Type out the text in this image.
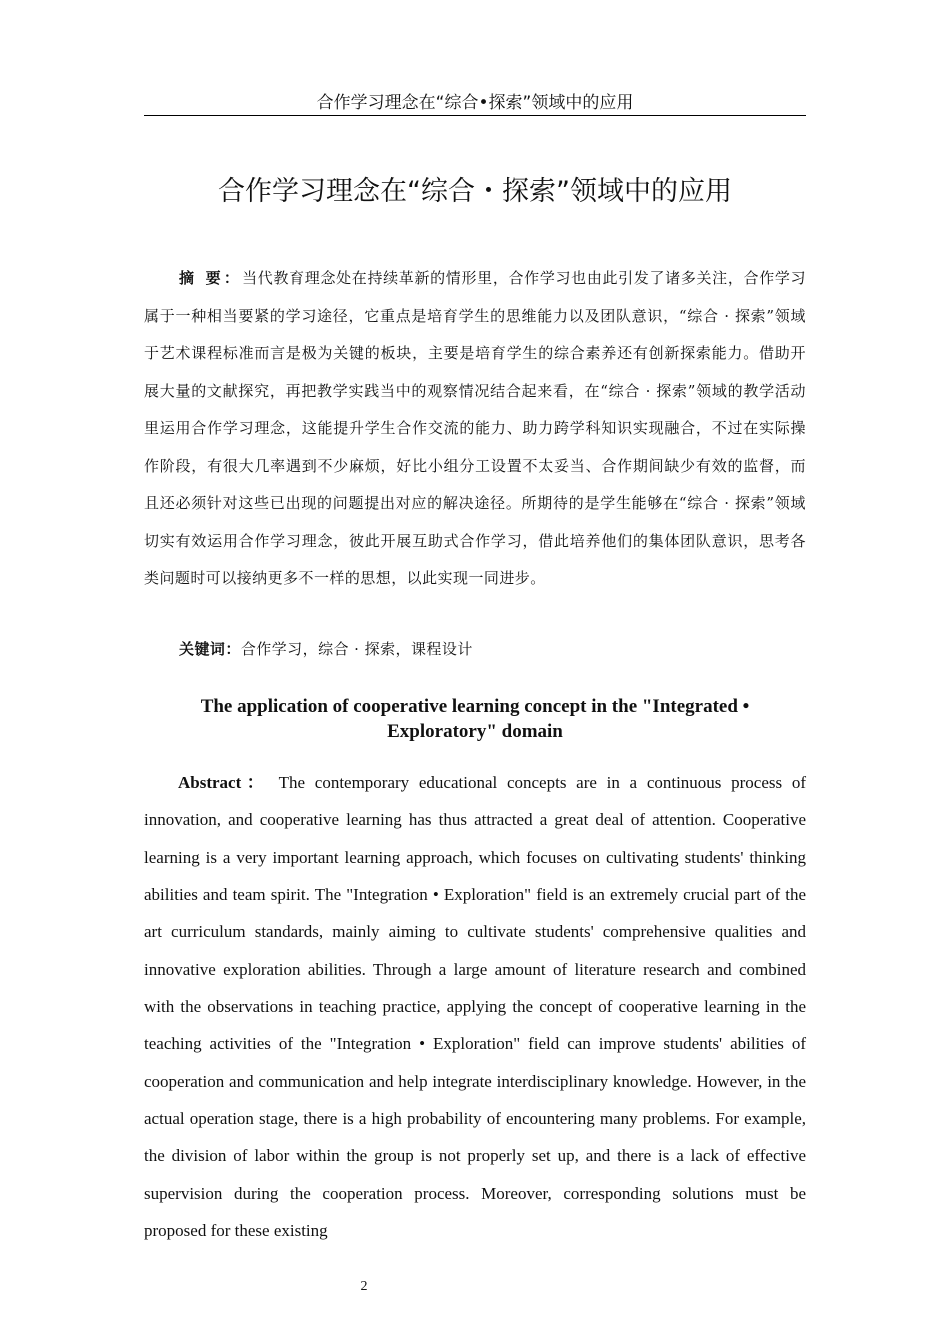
合作学习理念在“综合•探索”领域中的应用
合作学习理念在“综合・探索”领域中的应用

摘 要：当代教育理念处在持续革新的情形里，合作学习也由此引发了诸多关注，合作学习属于一种相当要紧的学习途径，它重点是培育学生的思维能力以及团队意识，“综合 · 探索”领域于艺术课程标准而言是极为关键的板块，主要是培育学生的综合素养还有创新探索能力。借助开展大量的文献探究，再把教学实践当中的观察情况结合起来看，在“综合 · 探索”领域的教学活动里运用合作学习理念，这能提升学生合作交流的能力、助力跨学科知识实现融合，不过在实际操作阶段，有很大几率遇到不少麻烦，好比小组分工设置不太妥当、合作期间缺少有效的监督，而且还必须针对这些已出现的问题提出对应的解决途径。所期待的是学生能够在“综合 · 探索”领域切实有效运用合作学习理念，彼此开展互助式合作学习，借此培养他们的集体团队意识，思考各类问题时可以接纳更多不一样的思想，以此实现一同进步。

关键词：合作学习，综合 · 探索，课程设计

The application of cooperative learning concept in the "Integrated • Exploratory" domain

Abstract： The contemporary educational concepts are in a continuous process of innovation, and cooperative learning has thus attracted a great deal of attention. Cooperative learning is a very important learning approach, which focuses on cultivating students' thinking abilities and team spirit. The "Integration • Exploration" field is an extremely crucial part of the art curriculum standards, mainly aiming to cultivate students' comprehensive qualities and innovative exploration abilities. Through a large amount of literature research and combined with the observations in teaching practice, applying the concept of cooperative learning in the teaching activities of the "Integration • Exploration" field can improve students' abilities of cooperation and communication and help integrate interdisciplinary knowledge. However, in the actual operation stage, there is a high probability of encountering many problems. For example, the division of labor within the group is not properly set up, and there is a lack of effective supervision during the cooperation process. Moreover, corresponding solutions must be proposed for these existing

2
